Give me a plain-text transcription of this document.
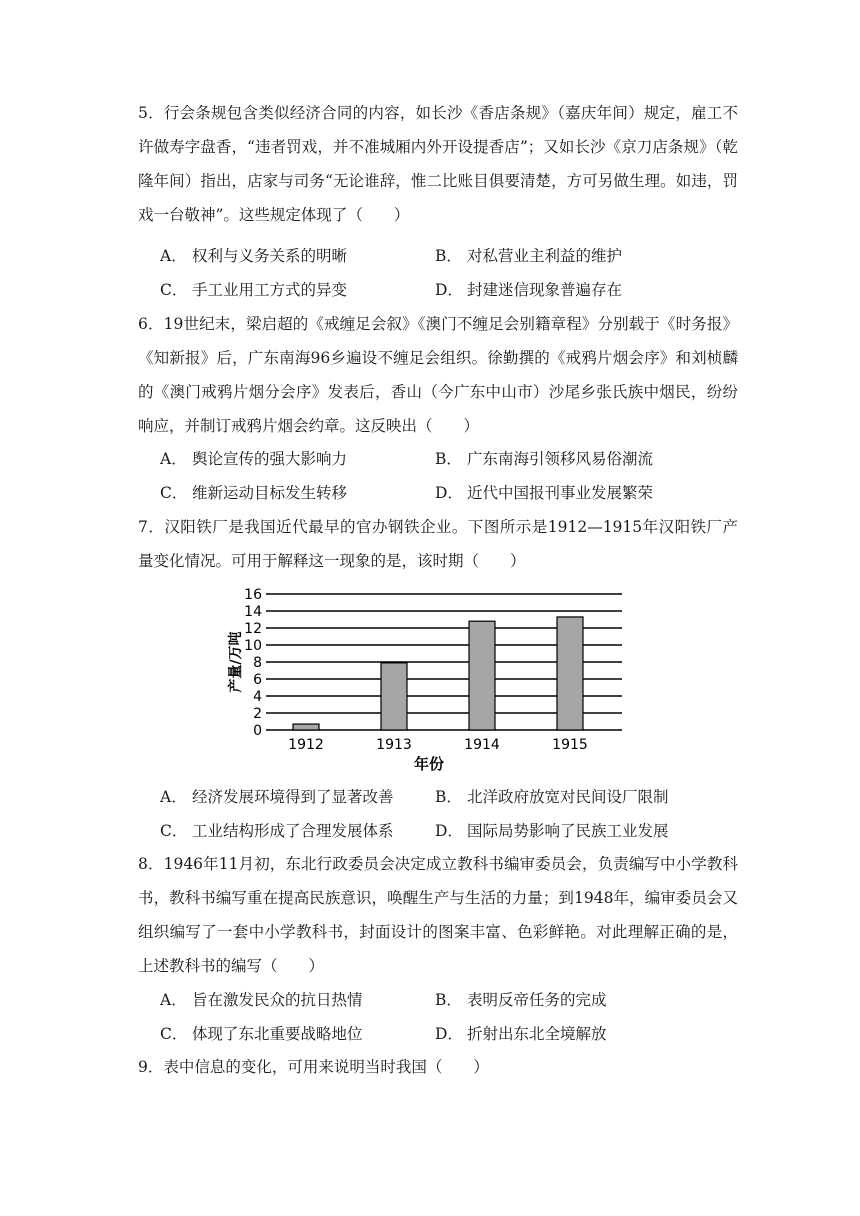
5．行会条规包含类似经济合同的内容，如长沙《香店条规》（嘉庆年间）规定，雇工不许做寿字盘香，“违者罚戏，并不准城厢内外开设提香店”；又如长沙《京刀店条规》（乾隆年间）指出，店家与司务“无论谁辞，惟二比账目俱要清楚，方可另做生理。如违，罚戏一台敬神”。这些规定体现了（　　）

A． 权利与义务关系的明晰	B． 对私营业主利益的维护
C． 手工业用工方式的异变	D． 封建迷信现象普遍存在

6．19世纪末，梁启超的《戒缠足会叙》《澳门不缠足会别籍章程》分别载于《时务报》《知新报》后，广东南海96乡遍设不缠足会组织。徐勤撰的《戒鸦片烟会序》和刘桢麟的《澳门戒鸦片烟分会序》发表后，香山（今广东中山市）沙尾乡张氏族中烟民，纷纷响应，并制订戒鸦片烟会约章。这反映出（　　）

A． 舆论宣传的强大影响力	B． 广东南海引领移风易俗潮流
C． 维新运动目标发生转移	D． 近代中国报刊事业发展繁荣

7．汉阳铁厂是我国近代最早的官办钢铁企业。下图所示是1912—1915年汉阳铁厂产量变化情况。可用于解释这一现象的是，该时期（　　）

0
2
4
6
8
10
12
14
16
产量/万吨
1912	1913	1914	1915
年份
A． 经济发展环境得到了显著改善	B． 北洋政府放宽对民间设厂限制
C． 工业结构形成了合理发展体系	D． 国际局势影响了民族工业发展

8．1946年11月初，东北行政委员会决定成立教科书编审委员会，负责编写中小学教科书，教科书编写重在提高民族意识，唤醒生产与生活的力量；到1948年，编审委员会又组织编写了一套中小学教科书，封面设计的图案丰富、色彩鲜艳。对此理解正确的是，上述教科书的编写（　　）

A． 旨在激发民众的抗日热情	B． 表明反帝任务的完成
C． 体现了东北重要战略地位	D． 折射出东北全境解放

9．表中信息的变化，可用来说明当时我国（　　）
